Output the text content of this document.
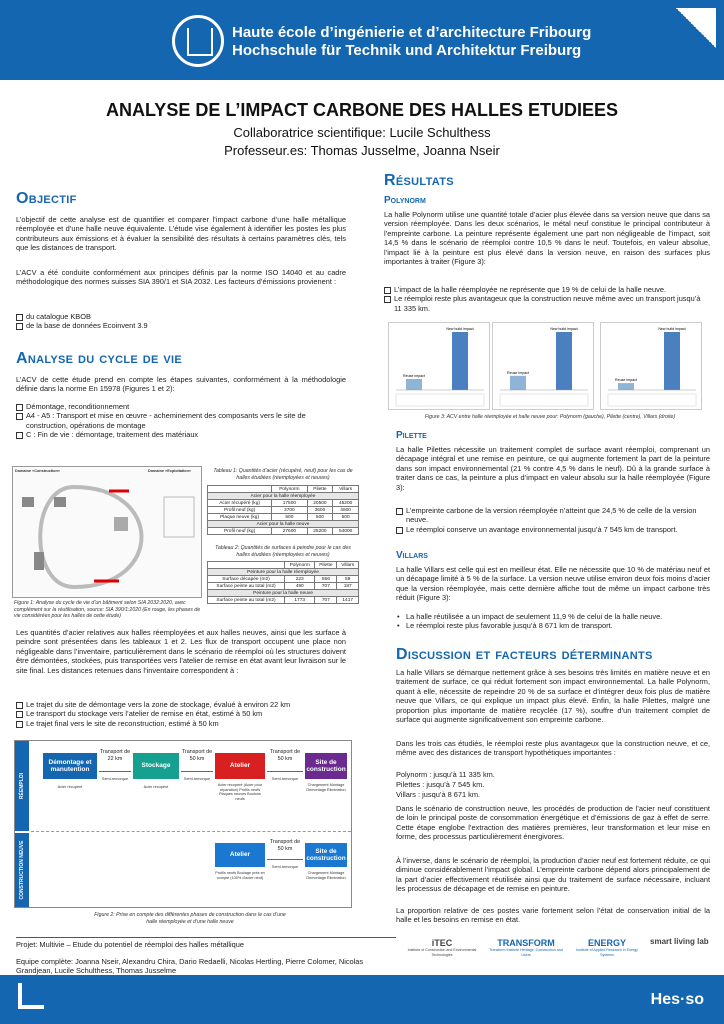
Haute école d’ingénierie et d’architecture Fribourg
Hochschule für Technik und Architektur Freiburg
ANALYSE DE L’IMPACT CARBONE DES HALLES ETUDIEES
Collaboratrice scientifique: Lucile Schulthess
Professeur.es: Thomas Jusselme, Joanna Nseir
Objectif
L’objectif de cette analyse est de quantifier et comparer l’impact carbone d’une halle métallique réemployée et d’une halle neuve équivalente. L’étude vise également à identifier les postes les plus contributeurs aux émissions et à évaluer la sensibilité des résultats à certains paramètres clés, tels que les distances de transport.
L’ACV a été conduite conformément aux principes définis par la norme ISO 14040 et au cadre méthodologique des normes suisses SIA 390/1 et SIA 2032. Les facteurs d’émissions provienent :
du catalogue KBOB
de la base de données Ecoinvent 3.9
Analyse du cycle de vie
L’ACV de cette étude prend en compte les étapes suivantes, conformément à la méthodologie définie dans la norme En 15978 (Figures 1 et 2):
Démontage, reconditionnement
A4 - A5 : Transport et mise en œuvre - acheminement des composants vers le site de construction, opérations de montage
C : Fin de vie : démontage, traitement des matériaux
Domaine «Construction»	Domaine «Exploitation»
Figure 1: Analyse du cycle de vie d’un bâtiment selon SIA 2032:2020, avec complément sur la réutilisation, source: SIA 390/1:2020 (En rouge, les phases de vie considérées pour les halles de cette étude)
Tableau 1: Quantités d’acier (récupéré, neuf) pour les cas de halles étudiées (réemployées et neuves)
	Polynorm	Pilette	Villars
Acier pour la halle réemployée			
Acier récupéré (kg)	17500	20500	45200
Profil neuf (kg)	3700	3600	4600
Plaque neuve (kg)	500	500	500
Acier pour la halle neuve			
Profil neuf (kg)	27600	25200	54000
Tableau 2: Quantités de surfaces à peindre pour le cas des halles étudiées (réemployées et neuves)
	Polynorm	Pilette	Villars
Peinture pour la halle réemployée			
Surface décapée (m2)	223	556	59
Surface peinte au total (m2)	490	707	187
Peinture pour la halle neuve			
Surface peinte au total (m2)	1773	707	1417
Les quantités d’acier relatives aux halles réemployées et aux halles neuves, ainsi que les surface à peindre sont présentées dans les tableaux 1 et 2. Les flux de transport occupent une place non négligeable dans l’inventaire, particulièrement dans le scénario de réemploi où les structures doivent être démontées, stockées, puis transportées vers l’atelier de remise en état avant leur livraison sur le site final. Les distances retenues dans l’inventaire correspondent à :
Le trajet du site de démontage vers la zone de stockage, évalué à environ 22 km
Le transport du stockage vers l’atelier de remise en état, estimé à 50 km
Le trajet final vers le site de reconstruction, estimé à 50 km
RÉEMPLOI
CONSTRUCTION NEUVE
Démontage et manutention
Transport de 22 km
Stockage
Transport de 50 km
Atelier
Transport de 50 km	Site de construction
Acier récupéré
Semi-remorque
Acier récupéré
Semi-remorque
Acier récupéré (Acier pour réparation) Profils neufs Plaques neuves Boulons neufs
Semi-remorque
Chargement Montage Démontage Élimination
Atelier
Transport de 50 km	Site de construction
Profils neufs Boulage prés en compte (100% d’acier neuf)
Semi-remorque
Chargement Montage Démontage Élimination
Figure 2: Prise en compte des différentes phases de construction dans le cas d’une halle réemployée et d’une halle neuve
Résultats
Polynorm
La halle Polynorm utilise une quantité totale d’acier plus élevée dans sa version neuve que dans sa version réemployée. Dans les deux scénarios, le métal neuf constitue le principal contributeur à l’empreinte carbone. La peinture représente également une part non négligeable de l’impact, soit 14,5 % dans le scénario de réemploi contre 10,5 % dans le neuf. Toutefois, en valeur absolue, l’impact lié à la peinture est plus élevé dans la version neuve, en raison des surfaces plus importantes à traiter (Figure 3):
L’impact de la halle réemployée ne représente que 19 % de celui de la halle neuve.
Le réemploi reste plus avantageux que la construction neuve même avec un transport jusqu’à 11 335 km.
Reuse impact
New build impact
Reuse impact
New build impact
Reuse impact
New build impact
Figure 3: ACV entre halle réemployée et halle neuve pour: Polynorm (gauche), Pilette (centre), Villars (droite)
Pilette
La halle Pilettes nécessite un traitement complet de surface avant réemploi, comprenant un décapage intégral et une remise en peinture, ce qui augmente fortement la part de la peinture dans son impact environnemental (21 % contre 4,5 % dans le neuf). Dû à la grande surface à traiter dans ce cas, la peinture a plus d’impact en valeur absolu sur la halle réemployée (Figure 3):
L’empreinte carbone de la version réemployée n’atteint que 24,5 % de celle de la version neuve.
Le réemploi conserve un avantage environnemental jusqu’à 7 545 km de transport.
Villars
La halle Villars est celle qui est en meilleur état. Elle ne nécessite que 10 % de matériau neuf et un décapage limité à 5 % de la surface. La version neuve utilise environ deux fois moins d’acier que la version réemployée, mais cette dernière affiche tout de même un impact carbone très réduit (Figure 3):
• La halle réutilisée a un impact de seulement 11,9 % de celui de la halle neuve.
• Le réemploi reste plus favorable jusqu’à 8 671 km de transport.
Discussion et facteurs déterminants
La halle Villars se démarque nettement grâce à ses besoins très limités en matière neuve et en traitement de surface, ce qui réduit fortement son impact environnemental. La halle Polynorm, quant à elle, nécessite de repeindre 20 % de sa surface et d’intégrer deux fois plus de matière neuve que Villars, ce qui explique un impact plus élevé. Enfin, la halle Pilettes, malgré une proportion plus importante de matière recyclée (17 %), souffre d’un traitement complet de surface qui augmente significativement son empreinte carbone.
Dans les trois cas étudiés, le réemploi reste plus avantageux que la construction neuve, et ce, même avec des distances de transport hypothétiques importantes :
Polynorm : jusqu’à 11 335 km.
Pilettes : jusqu’à 7 545 km.
Villars : jusqu’à 8 671 km.
Dans le scénario de construction neuve, les procédés de production de l’acier neuf constituent de loin le principal poste de consommation énergétique et d’émissions de gaz à effet de serre. Cette étape englobe l’extraction des matières premières, leur transformation et leur mise en forme, des processus particulièrement énergivores.
À l’inverse, dans le scénario de réemploi, la production d’acier neuf est fortement réduite, ce qui diminue considérablement l’impact global. L’empreinte carbone dépend alors principalement de la part d’acier effectivement réutilisée ainsi que du traitement de surface nécessaire, incluant les processus de décapage et de remise en peinture.
La proportion relative de ces postes varie fortement selon l’état de conservation initial de la halle et les besoins en remise en état.
Projet: Multivie – Etude du potentiel de réemploi des halles métallique
Equipe complète: Joanna Nseir, Alexandru Chira, Dario Redaelli, Nicolas Hertling, Pierre Colomer, Nicolas Grandjean, Lucile Schulthess, Thomas Jusselme
iTEC
Institute of Construction and Environmental Technologies
TRANSFORM
Transform Institute Heritage, Construction and Users
ENERGY
Institute of Applied Research in Energy Systems
smart living lab
Hes·so
